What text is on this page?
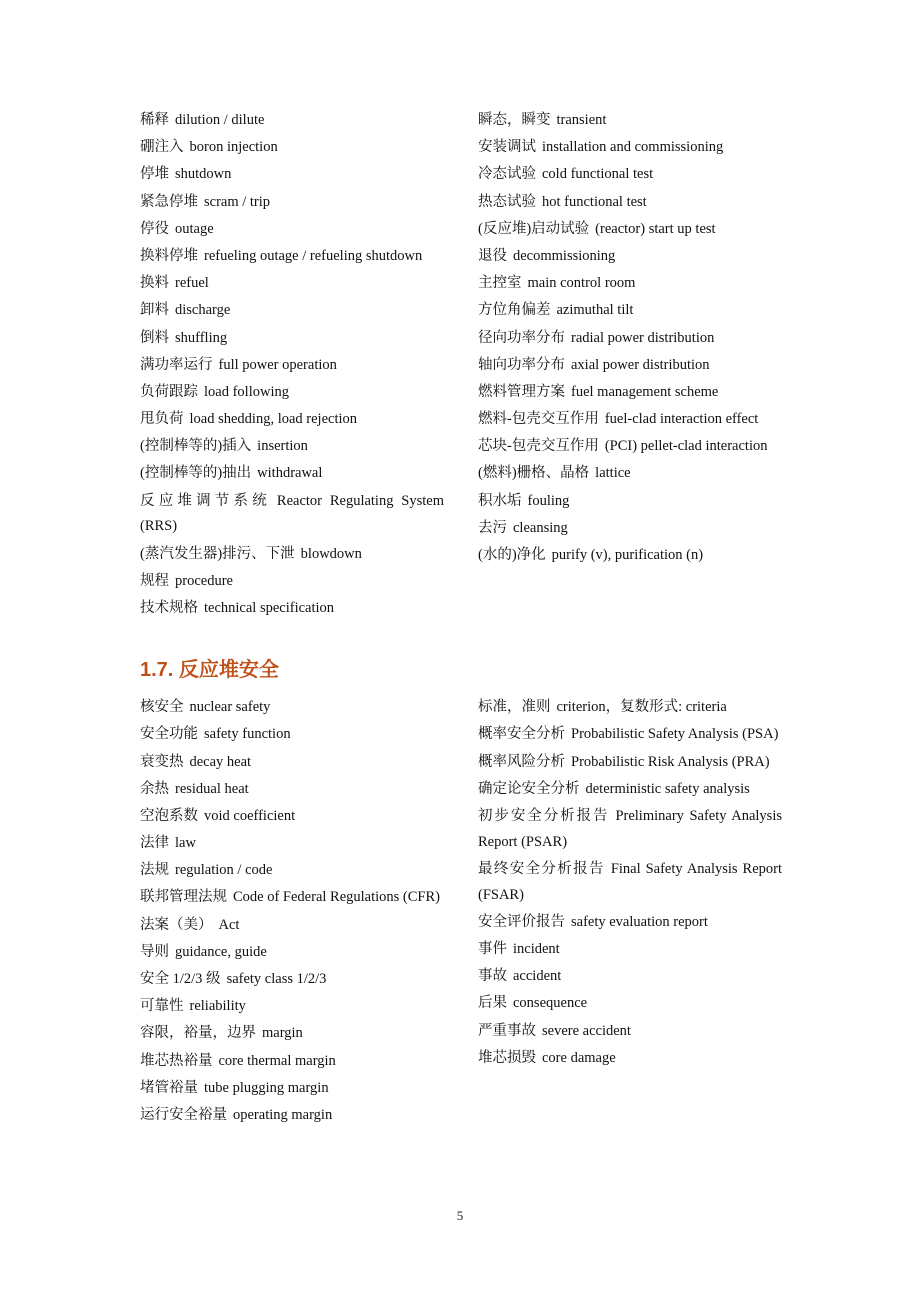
稀释 dilution / dilute
硼注入 boron injection
停堆 shutdown
紧急停堆 scram / trip
停役 outage
换料停堆 refueling outage / refueling shutdown
换料 refuel
卸料 discharge
倒料 shuffling
满功率运行 full power operation
负荷跟踪 load following
甩负荷 load shedding, load rejection
(控制棒等的)插入 insertion
(控制棒等的)抽出 withdrawal
反应堆调节系统 Reactor Regulating System (RRS)
(蒸汽发生器)排污、下泄 blowdown
规程 procedure
技术规格 technical specification
瞬态，瞬变 transient
安装调试 installation and commissioning
冷态试验 cold functional test
热态试验 hot functional test
(反应堆)启动试验 (reactor) start up test
退役 decommissioning
主控室 main control room
方位角偏差 azimuthal tilt
径向功率分布 radial power distribution
轴向功率分布 axial power distribution
燃料管理方案 fuel management scheme
燃料-包壳交互作用 fuel-clad interaction effect
芯块-包壳交互作用 (PCI) pellet-clad interaction
(燃料)栅格、晶格 lattice
积水垢 fouling
去污 cleansing
(水的)净化 purify (v), purification (n)
1.7. 反应堆安全
核安全 nuclear safety
安全功能 safety function
衰变热 decay heat
余热 residual heat
空泡系数 void coefficient
法律 law
法规 regulation / code
联邦管理法规 Code of Federal Regulations (CFR)
法案（美） Act
导则 guidance, guide
安全 1/2/3 级 safety class 1/2/3
可靠性 reliability
容限，裕量，边界 margin
堆芯热裕量 core thermal margin
堵管裕量 tube plugging margin
运行安全裕量 operating margin
标准，准则 criterion，复数形式: criteria
概率安全分析 Probabilistic Safety Analysis (PSA)
概率风险分析 Probabilistic Risk Analysis (PRA)
确定论安全分析 deterministic safety analysis
初步安全分析报告 Preliminary Safety Analysis Report (PSAR)
最终安全分析报告 Final Safety Analysis Report (FSAR)
安全评价报告 safety evaluation report
事件 incident
事故 accident
后果 consequence
严重事故 severe accident
堆芯损毁 core damage
5
